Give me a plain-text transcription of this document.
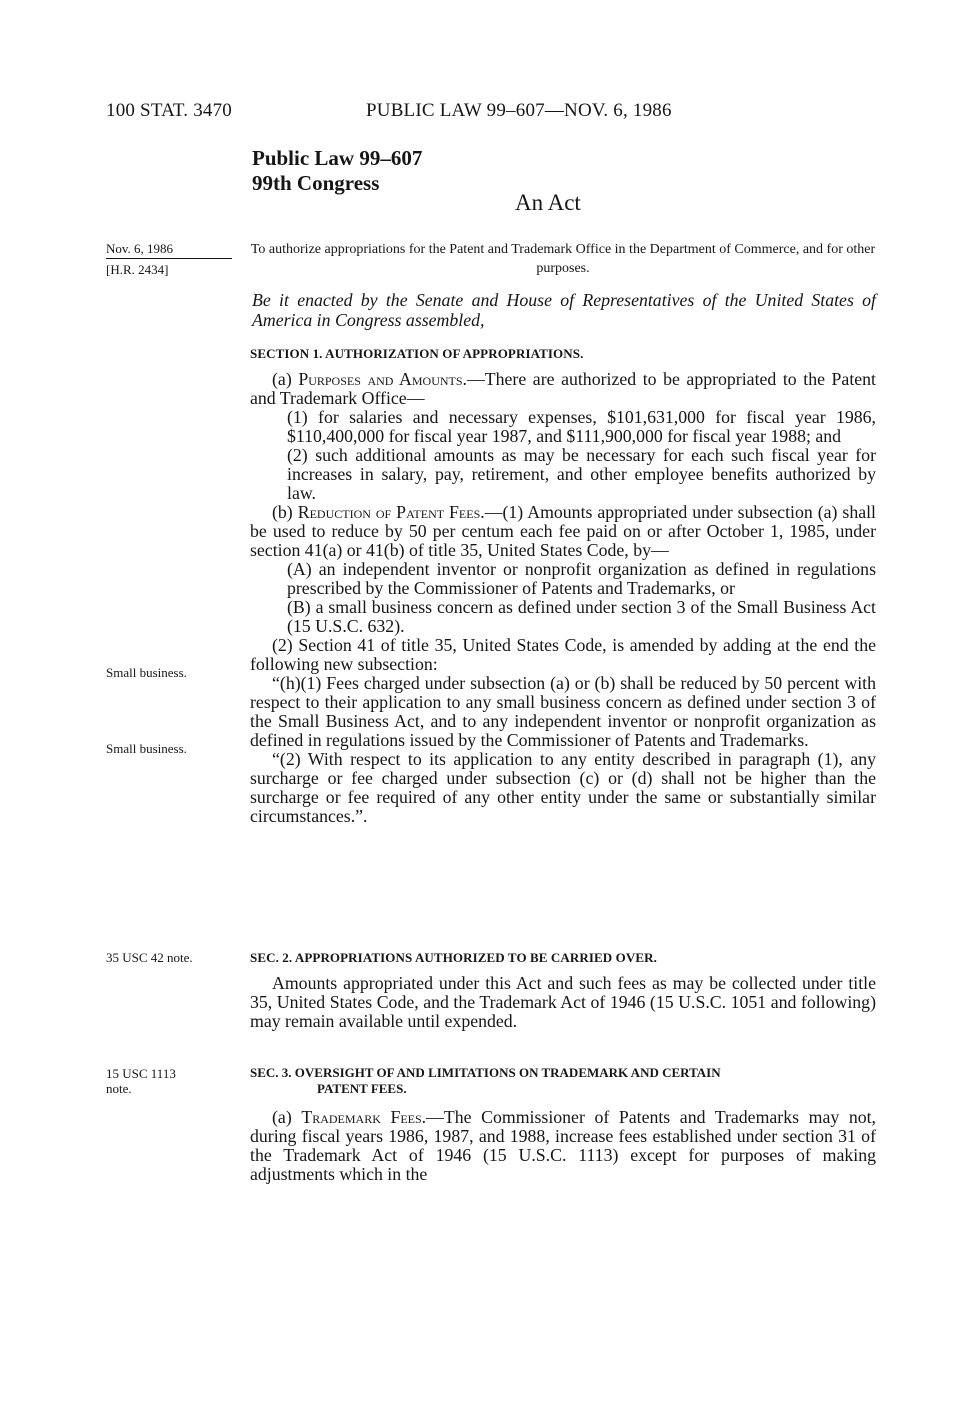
100 STAT. 3470	PUBLIC LAW 99–607—NOV. 6, 1986
Public Law 99–607
99th Congress
An Act
Nov. 6, 1986
[H.R. 2434]
Small business.
Small business.
35 USC 42 note.
15 USC 1113
note.
To authorize appropriations for the Patent and Trademark Office in the Department of Commerce, and for other purposes.
Be it enacted by the Senate and House of Representatives of the United States of America in Congress assembled,
SECTION 1. AUTHORIZATION OF APPROPRIATIONS.

(a) Purposes and Amounts.—There are authorized to be appropriated to the Patent and Trademark Office—

(1) for salaries and necessary expenses, $101,631,000 for fiscal year 1986, $110,400,000 for fiscal year 1987, and $111,900,000 for fiscal year 1988; and

(2) such additional amounts as may be necessary for each such fiscal year for increases in salary, pay, retirement, and other employee benefits authorized by law.

(b) Reduction of Patent Fees.—(1) Amounts appropriated under subsection (a) shall be used to reduce by 50 per centum each fee paid on or after October 1, 1985, under section 41(a) or 41(b) of title 35, United States Code, by—

(A) an independent inventor or nonprofit organization as defined in regulations prescribed by the Commissioner of Patents and Trademarks, or

(B) a small business concern as defined under section 3 of the Small Business Act (15 U.S.C. 632).

(2) Section 41 of title 35, United States Code, is amended by adding at the end the following new subsection:

“(h)(1) Fees charged under subsection (a) or (b) shall be reduced by 50 percent with respect to their application to any small business concern as defined under section 3 of the Small Business Act, and to any independent inventor or nonprofit organization as defined in regulations issued by the Commissioner of Patents and Trademarks.

“(2) With respect to its application to any entity described in paragraph (1), any surcharge or fee charged under subsection (c) or (d) shall not be higher than the surcharge or fee required of any other entity under the same or substantially similar circumstances.”.

SEC. 2. APPROPRIATIONS AUTHORIZED TO BE CARRIED OVER.

Amounts appropriated under this Act and such fees as may be collected under title 35, United States Code, and the Trademark Act of 1946 (15 U.S.C. 1051 and following) may remain available until expended.

SEC. 3. OVERSIGHT OF AND LIMITATIONS ON TRADEMARK AND CERTAIN
PATENT FEES.

(a) Trademark Fees.—The Commissioner of Patents and Trademarks may not, during fiscal years 1986, 1987, and 1988, increase fees established under section 31 of the Trademark Act of 1946 (15 U.S.C. 1113) except for purposes of making adjustments which in the
